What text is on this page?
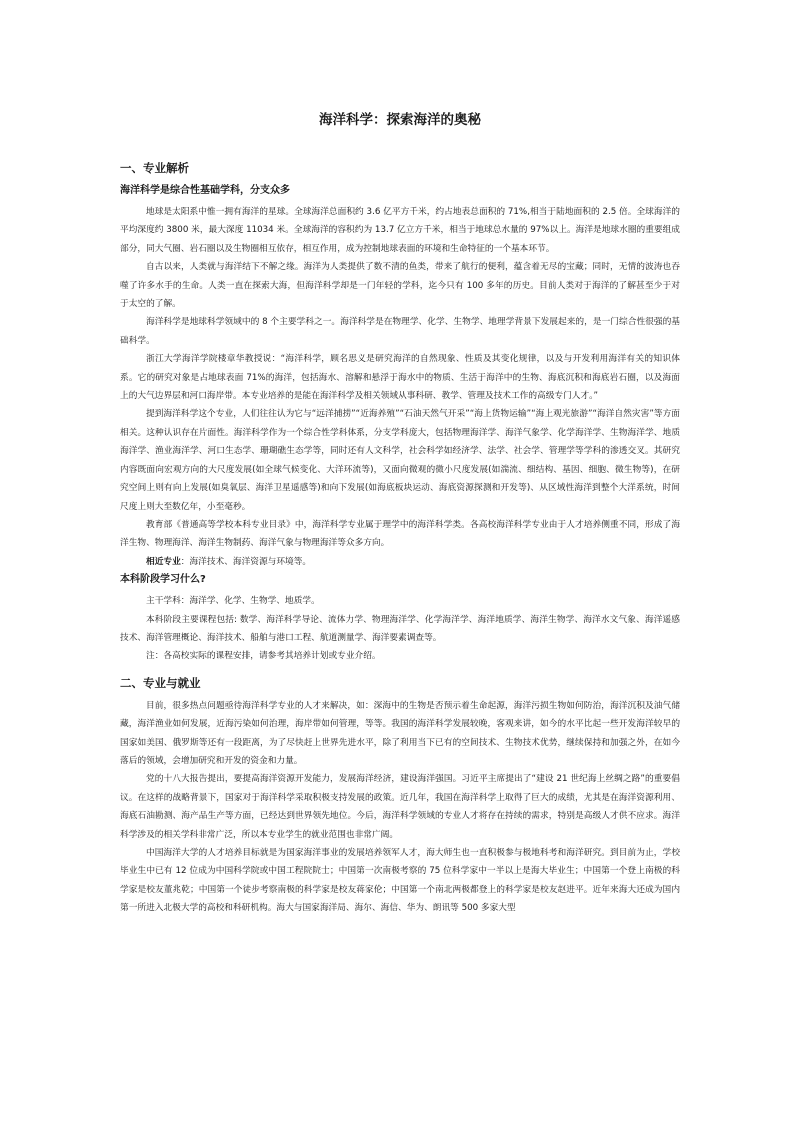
海洋科学：探索海洋的奥秘
一、专业解析
海洋科学是综合性基础学科，分支众多

地球是太阳系中惟一拥有海洋的星球。全球海洋总面积约 3.6 亿平方千米，约占地表总面积的 71%,相当于陆地面积的 2.5 倍。全球海洋的平均深度约 3800 米，最大深度 11034 米。全球海洋的容积约为 13.7 亿立方千米，相当于地球总水量的 97%以上。海洋是地球水圈的重要组成部分，同大气圈、岩石圈以及生物圈相互依存，相互作用，成为控制地球表面的环境和生命特征的一个基本环节。

自古以来，人类就与海洋结下不解之缘。海洋为人类提供了数不清的鱼类，带来了航行的便利，蕴含着无尽的宝藏；同时，无情的波涛也吞噬了许多水手的生命。人类一直在探索大海，但海洋科学却是一门年轻的学科，迄今只有 100 多年的历史。目前人类对于海洋的了解甚至少于对于太空的了解。

海洋科学是地球科学领域中的 8 个主要学科之一。海洋科学是在物理学、化学、生物学、地理学背景下发展起来的，是一门综合性很强的基础科学。

浙江大学海洋学院楼章华教授说：“海洋科学，顾名思义是研究海洋的自然现象、性质及其变化规律，以及与开发利用海洋有关的知识体系。它的研究对象是占地球表面 71%的海洋，包括海水、溶解和悬浮于海水中的物质、生活于海洋中的生物、海底沉积和海底岩石圈，以及海面上的大气边界层和河口海岸带。本专业培养的是能在海洋科学及相关领域从事科研、教学、管理及技术工作的高级专门人才。”

提到海洋科学这个专业，人们往往认为它与“远洋捕捞”“近海养殖”“石油天然气开采”“海上货物运输”“海上观光旅游”“海洋自然灾害”等方面相关。这种认识存在片面性。海洋科学作为一个综合性学科体系，分支学科庞大，包括物理海洋学、海洋气象学、化学海洋学、生物海洋学、地质海洋学、渔业海洋学、河口生态学、珊瑚礁生态学等，同时还有人文科学，社会科学如经济学、法学、社会学、管理学等学科的渗透交叉。其研究内容既面向宏观方向的大尺度发展(如全球气候变化、大洋环流等)，又面向微观的微小尺度发展(如湍流、细结构、基因、细胞、微生物等)，在研究空间上则有向上发展(如臭氧层、海洋卫星遥感等)和向下发展(如海底板块运动、海底资源探测和开发等)、从区域性海洋到整个大洋系统，时间尺度上则大至数亿年，小至毫秒。

教育部《普通高等学校本科专业目录》中，海洋科学专业属于理学中的海洋科学类。各高校海洋科学专业由于人才培养侧重不同，形成了海洋生物、物理海洋、海洋生物制药、海洋气象与物理海洋等众多方向。

相近专业：海洋技术、海洋资源与环境等。

本科阶段学习什么?

主干学科：海洋学、化学、生物学、地质学。

本科阶段主要课程包括: 数学、海洋科学导论、流体力学、物理海洋学、化学海洋学、海洋地质学、海洋生物学、海洋水文气象、海洋遥感技术、海洋管理概论、海洋技术、船舶与港口工程、航道测量学、海洋要素调查等。

注：各高校实际的课程安排，请参考其培养计划或专业介绍。

二、专业与就业

目前，很多热点问题亟待海洋科学专业的人才来解决，如：深海中的生物是否预示着生命起源，海洋污损生物如何防治，海洋沉积及油气储藏，海洋渔业如何发展，近海污染如何治理，海岸带如何管理，等等。我国的海洋科学发展较晚，客观来讲，如今的水平比起一些开发海洋较早的国家如美国、俄罗斯等还有一段距离，为了尽快赶上世界先进水平，除了利用当下已有的空间技术、生物技术优势，继续保持和加强之外，在如今落后的领域，会增加研究和开发的资金和力量。

党的十八大报告提出，要提高海洋资源开发能力，发展海洋经济，建设海洋强国。习近平主席提出了“建设 21 世纪海上丝绸之路”的重要倡议。在这样的战略背景下，国家对于海洋科学采取积极支持发展的政策。近几年，我国在海洋科学上取得了巨大的成绩，尤其是在海洋资源利用、海底石油勘测、海产品生产等方面，已经达到世界领先地位。今后，海洋科学领域的专业人才将存在持续的需求，特别是高级人才供不应求。海洋科学涉及的相关学科非常广泛，所以本专业学生的就业范围也非常广阔。

中国海洋大学的人才培养目标就是为国家海洋事业的发展培养领军人才，海大师生也一直积极参与极地科考和海洋研究。到目前为止，学校毕业生中已有 12 位成为中国科学院或中国工程院院士；中国第一次南极考察的 75 位科学家中一半以上是海大毕业生；中国第一个登上南极的科学家是校友董兆乾；中国第一个徒步考察南极的科学家是校友蒋家伦；中国第一个南北两极都登上的科学家是校友赵进平。近年来海大还成为国内第一所进入北极大学的高校和科研机构。海大与国家海洋局、海尔、海信、华为、朗讯等 500 多家大型
